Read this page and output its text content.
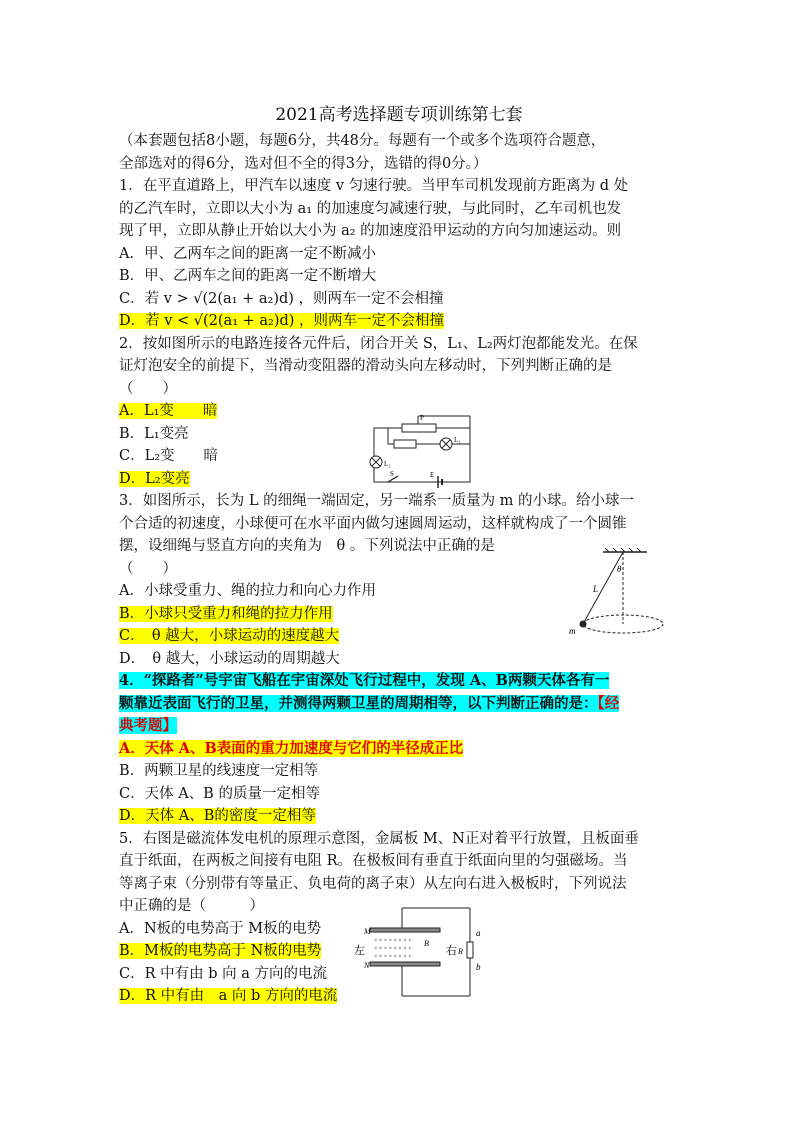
2021高考选择题专项训练第七套
（本套题包括8小题，每题6分，共48分。每题有一个或多个选项符合题意，
全部选对的得6分，选对但不全的得3分，选错的得0分。）
1．在平直道路上，甲汽车以速度 v 匀速行驶。当甲车司机发现前方距离为 d 处
的乙汽车时，立即以大小为 a₁ 的加速度匀减速行驶，与此同时，乙车司机也发
现了甲，立即从静止开始以大小为 a₂ 的加速度沿甲运动的方向匀加速运动。则
A．甲、乙两车之间的距离一定不断减小
B．甲、乙两车之间的距离一定不断增大
C．若 v > √(2(a₁ + a₂)d) ，则两车一定不会相撞
D．若 v < √(2(a₁ + a₂)d) ，则两车一定不会相撞
2．按如图所示的电路连接各元件后，闭合开关 S，L₁、L₂两灯泡都能发光。在保
证灯泡安全的前提下，当滑动变阻器的滑动头向左移动时，下列判断正确的是
（　　）
A．L₁变　　暗
B．L₁变亮
C．L₂变　　暗
D．L₂变亮
3．如图所示，长为 L 的细绳一端固定，另一端系一质量为 m 的小球。给小球一
个合适的初速度，小球便可在水平面内做匀速圆周运动，这样就构成了一个圆锥
摆，设细绳与竖直方向的夹角为　θ 。下列说法中正确的是
（　　）
A．小球受重力、绳的拉力和向心力作用
B．小球只受重力和绳的拉力作用
C．　θ 越大，小球运动的速度越大
D．　θ 越大，小球运动的周期越大
4．“探路者”号宇宙飞船在宇宙深处飞行过程中，发现 A、B两颗天体各有一
颗靠近表面飞行的卫星，并测得两颗卫星的周期相等，以下判断正确的是：【经
典考题】
A．天体 A、B表面的重力加速度与它们的半径成正比
B．两颗卫星的线速度一定相等
C．天体 A、B 的质量一定相等
D．天体 A、B的密度一定相等
5．右图是磁流体发电机的原理示意图，金属板 M、N正对着平行放置，且板面垂
直于纸面，在两板之间接有电阻 R。在极板间有垂直于纸面向里的匀强磁场。当
等离子束（分别带有等量正、负电荷的离子束）从左向右进入极板时，下列说法
中正确的是（　　　）
A．N板的电势高于 M板的电势
B．M板的电势高于 N板的电势
C．R 中有由 b 向 a 方向的电流
D．R 中有由　a 向 b 方向的电流
P
L₁
L₂
S	E
θ
L
m
× × × × × × × ×
× × × × × × × ×
× × × × × × × ×
M
N
左	右
B
R
a
b
